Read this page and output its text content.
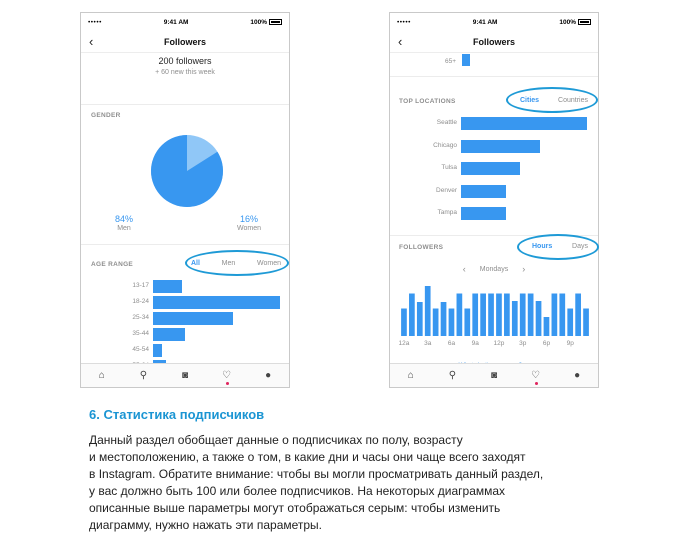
•••••	9:41 AM	100%
‹	Followers
200 followers
+ 60 new this week
GENDER
84%
Men
16%
Women
AGE RANGE	All	Men	Women
13-17
18-24
25-34
35-44
45-54
⌂	⚲	◙	♡	●
•••••	9:41 AM	100%
‹	Followers
65+
TOP LOCATIONS	Cities	Countries
Seattle
Chicago
Tulsa
Denver
Tampa
FOLLOWERS	Hours	Days
‹ Mondays ›
12a 3a	6a	9a 12p 3p	6p	9p
⌂	⚲	◙	♡	●
6. Статистика подписчиков
Данный раздел обобщает данные о подписчиках по полу, возрасту
и местоположению, а также о том, в какие дни и часы они чаще всего заходят
в Instagram. Обратите внимание: чтобы вы могли просматривать данный раздел,
у вас должно быть 100 или более подписчиков. На некоторых диаграммах
описанные выше параметры могут отображаться серым: чтобы изменить
диаграмму, нужно нажать эти параметры.
